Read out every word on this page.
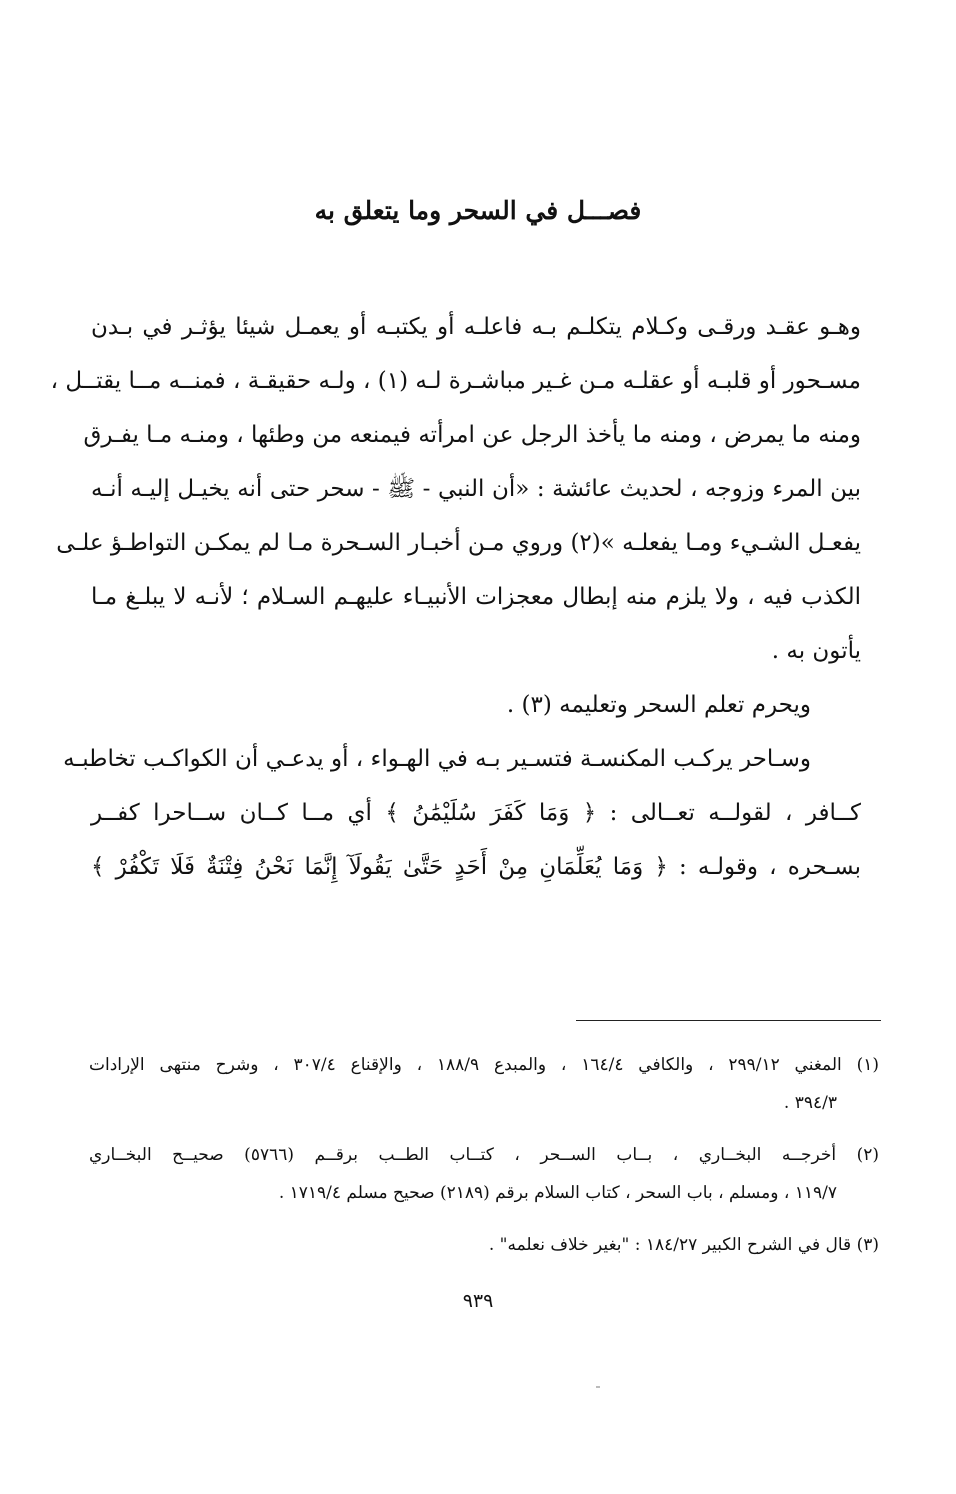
فصـــل في السحر وما يتعلق به
وهـو عقـد ورقـى وكـلام يتكلـم بـه فاعلـه أو يكتبـه أو يعمـل شيئا يؤثـر في بـدن
مسـحور أو قلبـه أو عقلـه مـن غـير مباشـرة لـه (١) ، ولـه حقيقـة ، فمنــه مــا يقتــل ،
ومنه ما يمرض ، ومنه ما يأخذ الرجل عن امرأته فيمنعه من وطئها ، ومنـه مـا يفـرق
بين المرء وزوجه ، لحديث عائشة : «أن النبي - ﷺ - سحر حتى أنه يخيـل إليـه أنـه
يفعـل الشـيء ومـا يفعلـه »(٢) وروي مـن أخبـار السـحرة مـا لم يمكـن التواطـؤ علـى
الكذب فيه ، ولا يلزم منه إبطال معجزات الأنبيـاء عليهـم السـلام ؛ لأنـه لا يبلـغ مـا
يأتون به .
ويحرم تعلم السحر وتعليمه (٣) .
وسـاحر يركـب المكنسـة فتسـير بـه في الهـواء ، أو يدعـي أن الكواكـب تخاطبـه
كــافر ، لقولــه تعــالى : ﴿ وَمَا كَفَرَ سُلَيْمَٰنُ ﴾ أي مــا كــان ســاحرا كفــر
بسـحره ، وقولـه : ﴿ وَمَا يُعَلِّمَانِ مِنْ أَحَدٍ حَتَّىٰ يَقُولَآ إِنَّمَا نَحْنُ فِتْنَةٌ فَلَا تَكْفُرْ ﴾
(١) المغني ٢٩٩/١٢ ، والكافي ١٦٤/٤ ، والمبدع ١٨٨/٩ ، والإقناع ٣٠٧/٤ ، وشرح منتهى الإرادات
٣٩٤/٣ .
(٢) أخرجــه البخــاري ، بــاب الســحر ، كتــاب الطــب برقــم (٥٧٦٦) صحيــح البخــاري
١١٩/٧ ، ومسلم ، باب السحر ، كتاب السلام برقم (٢١٨٩) صحيح مسلم ١٧١٩/٤ .
(٣) قال في الشرح الكبير ١٨٤/٢٧ : "بغير خلاف نعلمه" .
٩٣٩
